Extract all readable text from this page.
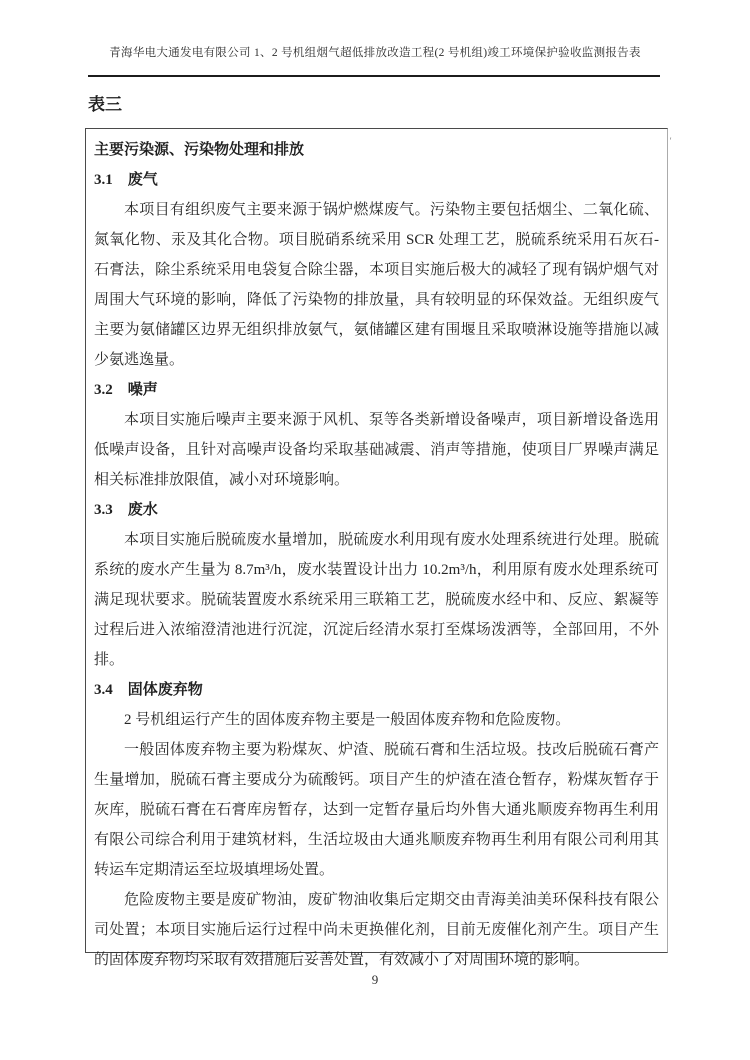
青海华电大通发电有限公司 1、2 号机组烟气超低排放改造工程(2 号机组)竣工环境保护验收监测报告表
表三
主要污染源、污染物处理和排放
3.1 废气

本项目有组织废气主要来源于锅炉燃煤废气。污染物主要包括烟尘、二氧化硫、氮氧化物、汞及其化合物。项目脱硝系统采用 SCR 处理工艺，脱硫系统采用石灰石-石膏法，除尘系统采用电袋复合除尘器，本项目实施后极大的减轻了现有锅炉烟气对周围大气环境的影响，降低了污染物的排放量，具有较明显的环保效益。无组织废气主要为氨储罐区边界无组织排放氨气，氨储罐区建有围堰且采取喷淋设施等措施以减少氨逃逸量。

3.2 噪声

本项目实施后噪声主要来源于风机、泵等各类新增设备噪声，项目新增设备选用低噪声设备，且针对高噪声设备均采取基础减震、消声等措施，使项目厂界噪声满足相关标准排放限值，减小对环境影响。

3.3 废水

本项目实施后脱硫废水量增加，脱硫废水利用现有废水处理系统进行处理。脱硫系统的废水产生量为 8.7m³/h，废水装置设计出力 10.2m³/h，利用原有废水处理系统可满足现状要求。脱硫装置废水系统采用三联箱工艺，脱硫废水经中和、反应、絮凝等过程后进入浓缩澄清池进行沉淀，沉淀后经清水泵打至煤场泼洒等，全部回用，不外排。

3.4 固体废弃物

2 号机组运行产生的固体废弃物主要是一般固体废弃物和危险废物。

一般固体废弃物主要为粉煤灰、炉渣、脱硫石膏和生活垃圾。技改后脱硫石膏产生量增加，脱硫石膏主要成分为硫酸钙。项目产生的炉渣在渣仓暂存，粉煤灰暂存于灰库，脱硫石膏在石膏库房暂存，达到一定暂存量后均外售大通兆顺废弃物再生利用有限公司综合利用于建筑材料，生活垃圾由大通兆顺废弃物再生利用有限公司利用其转运车定期清运至垃圾填埋场处置。

危险废物主要是废矿物油，废矿物油收集后定期交由青海美油美环保科技有限公司处置；本项目实施后运行过程中尚未更换催化剂，目前无废催化剂产生。项目产生的固体废弃物均采取有效措施后妥善处置，有效减小了对周围环境的影响。

'
9
